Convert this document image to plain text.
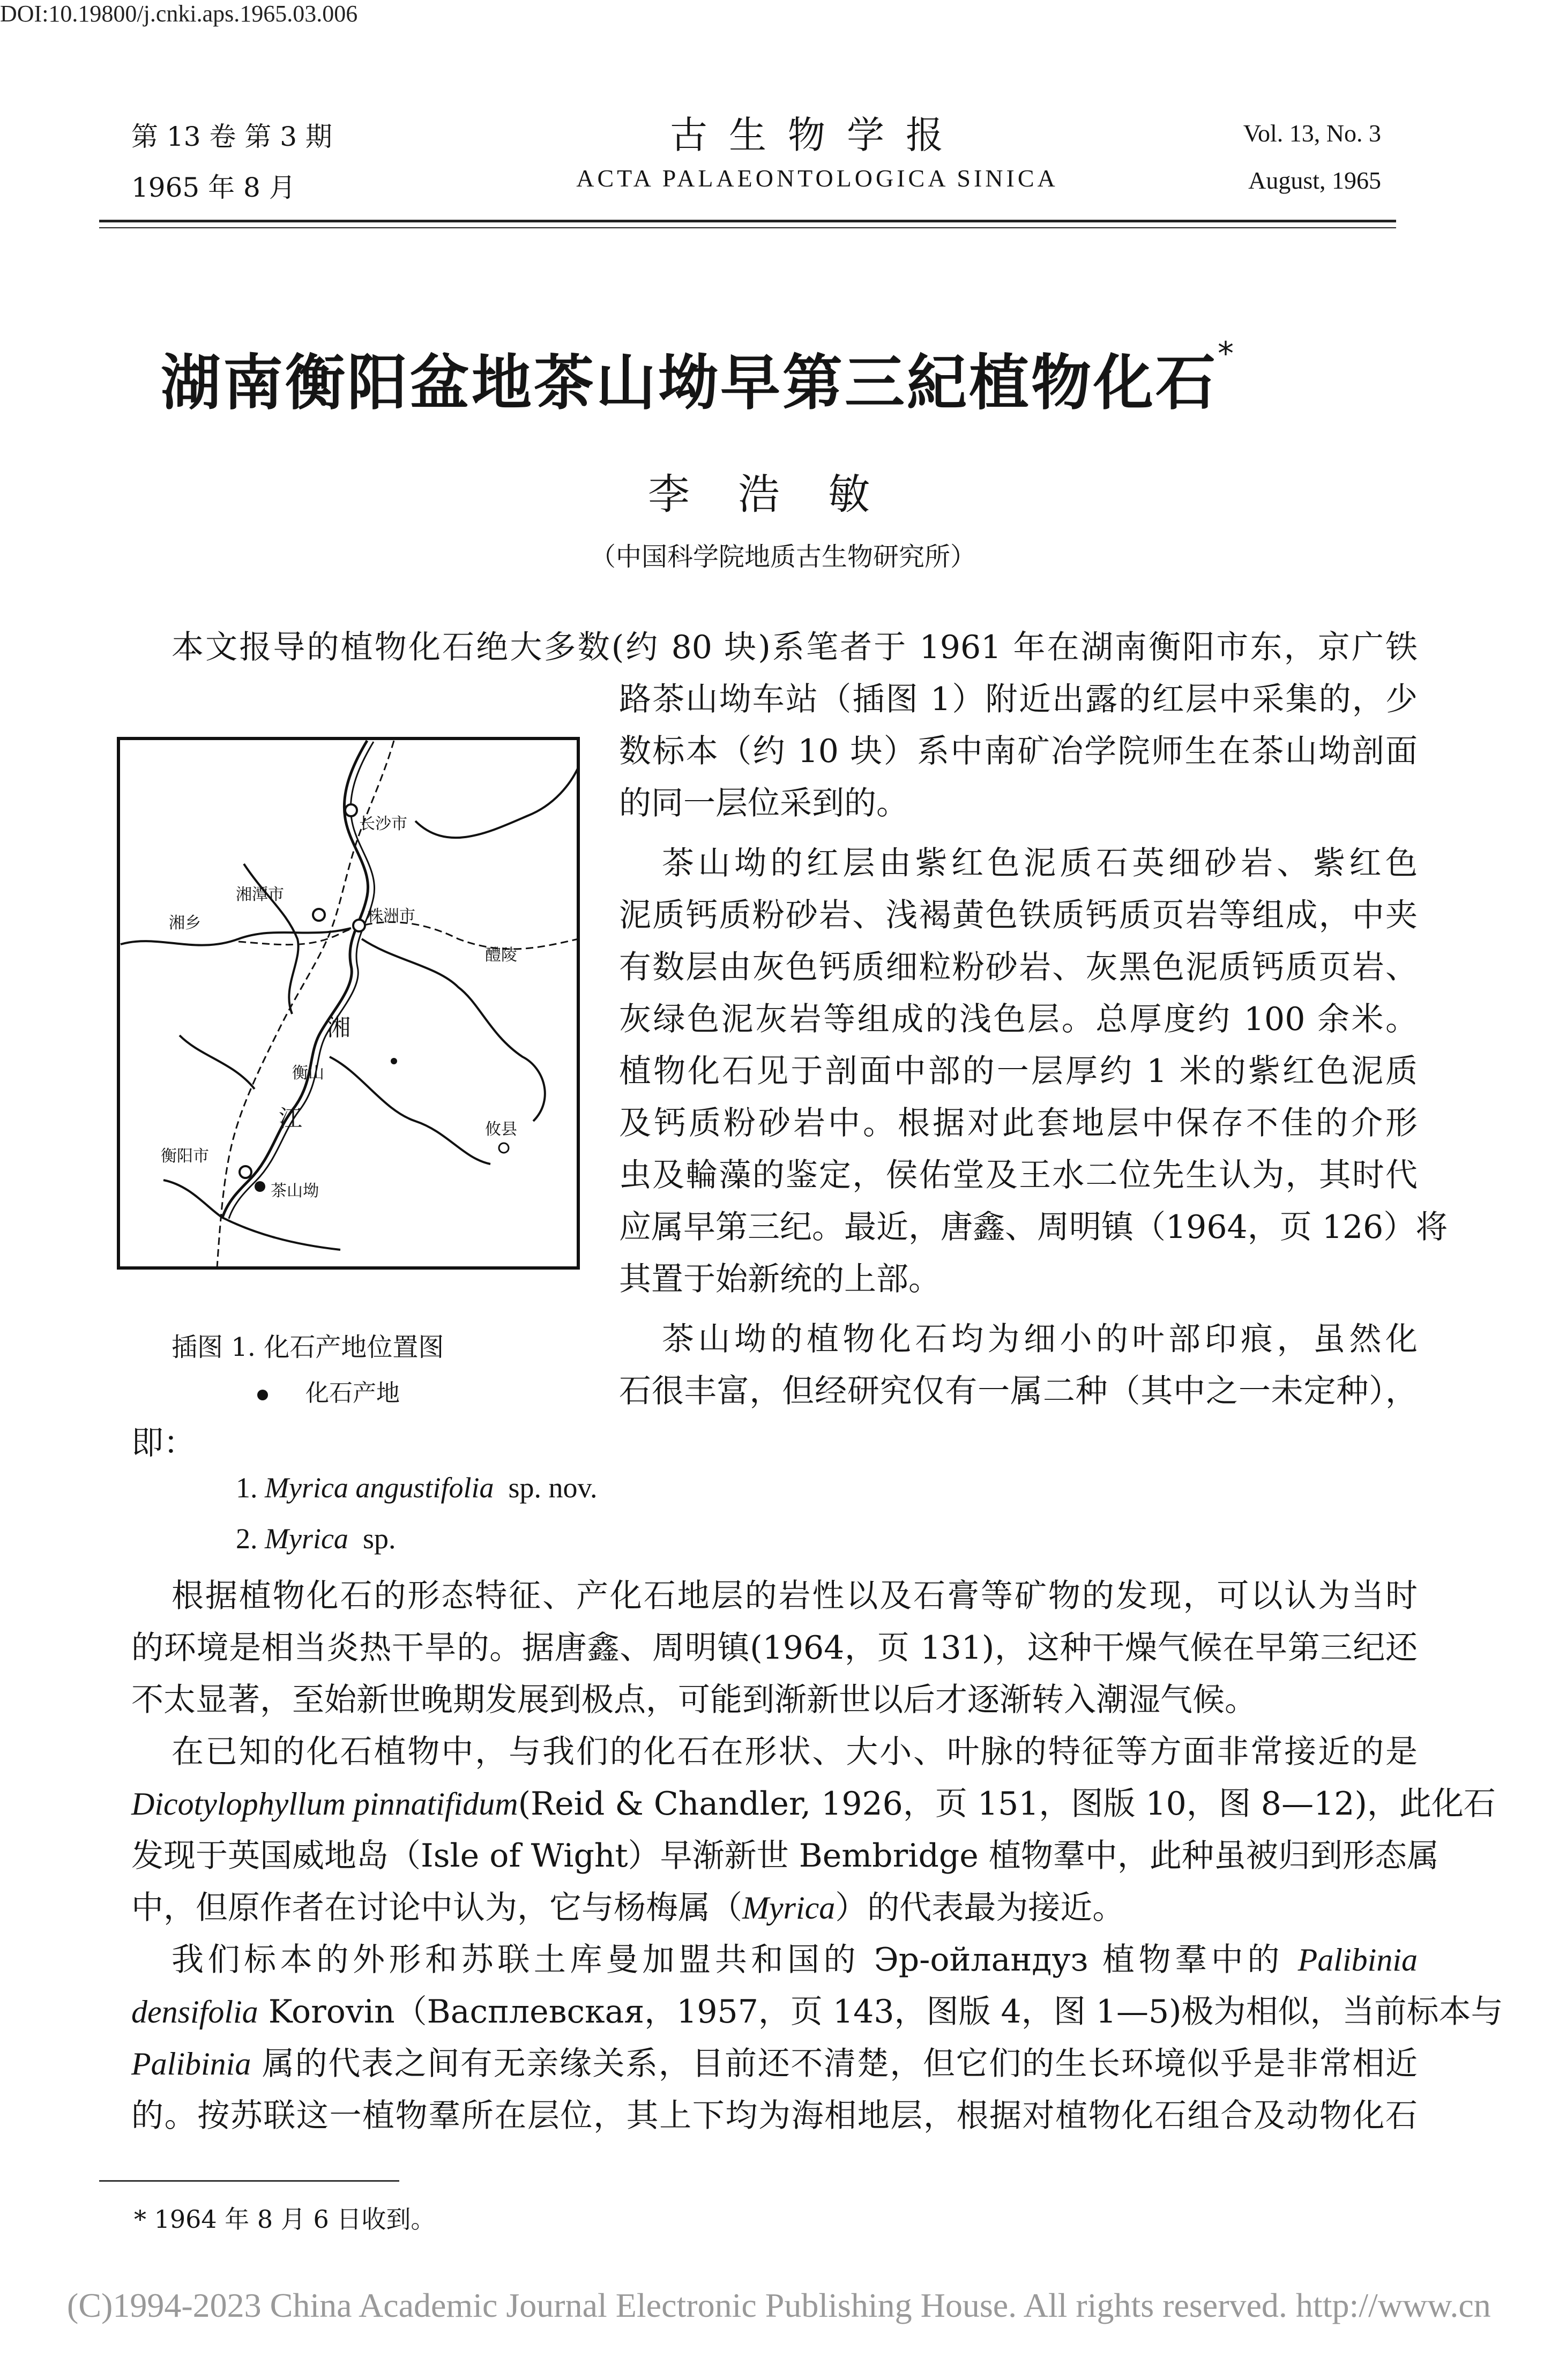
DOI:10.19800/j.cnki.aps.1965.03.006
第 13 卷 第 3 期
1965 年 8 月
古生物学报
ACTA PALAEONTOLOGICA SINICA
Vol. 13, No. 3
August, 1965
湖南衡阳盆地茶山坳早第三紀植物化石*
李浩敏
（中国科学院地质古生物研究所）
本文报导的植物化石绝大多数(约 80 块)系笔者于 1961 年在湖南衡阳市东，京广铁
路茶山坳车站（插图 1）附近出露的红层中采集的，少
数标本（约 10 块）系中南矿冶学院师生在茶山坳剖面
的同一层位采到的。
茶山坳的红层由紫红色泥质石英细砂岩、紫红色
泥质钙质粉砂岩、浅褐黄色铁质钙质页岩等组成，中夹
有数层由灰色钙质细粒粉砂岩、灰黑色泥质钙质页岩、
灰绿色泥灰岩等组成的浅色层。总厚度约 100 余米。
植物化石见于剖面中部的一层厚约 1 米的紫红色泥质
及钙质粉砂岩中。根据对此套地层中保存不佳的介形
虫及輪藻的鉴定，侯佑堂及王水二位先生认为，其时代
应属早第三纪。最近，唐鑫、周明镇（1964，页 126）将
其置于始新统的上部。
茶山坳的植物化石均为细小的叶部印痕，虽然化
石很丰富，但经研究仅有一属二种（其中之一未定种），
即：
1. Myrica angustifolia sp. nov.
2. Myrica sp.
根据植物化石的形态特征、产化石地层的岩性以及石膏等矿物的发现，可以认为当时
的环境是相当炎热干旱的。据唐鑫、周明镇(1964，页 131)，这种干燥气候在早第三纪还
不太显著，至始新世晚期发展到极点，可能到渐新世以后才逐渐转入潮湿气候。
在已知的化石植物中，与我们的化石在形状、大小、叶脉的特征等方面非常接近的是
Dicotylophyllum pinnatifidum(Reid & Chandler, 1926，页 151，图版 10，图 8—12)，此化石
发现于英国威地岛（Isle of Wight）早渐新世 Bembridge 植物羣中，此种虽被归到形态属
中，但原作者在讨论中认为，它与杨梅属（Myrica）的代表最为接近。
我们标本的外形和苏联土库曼加盟共和国的 Эр-ойландуз 植物羣中的 Palibinia
densifolia Korovin（Васплевская，1957，页 143，图版 4，图 1—5)极为相似，当前标本与
Palibinia 属的代表之间有无亲缘关系，目前还不清楚，但它们的生长环境似乎是非常相近
的。按苏联这一植物羣所在层位，其上下均为海相地层，根据对植物化石组合及动物化石
长沙市
湘潭市
株洲市
湘乡
醴陵
湘
衡山
江	攸县
衡阳市
茶山坳
插图 1. 化石产地位置图
化石产地
* 1964 年 8 月 6 日收到。
(C)1994-2023 China Academic Journal Electronic Publishing House. All rights reserved. http://www.cn
